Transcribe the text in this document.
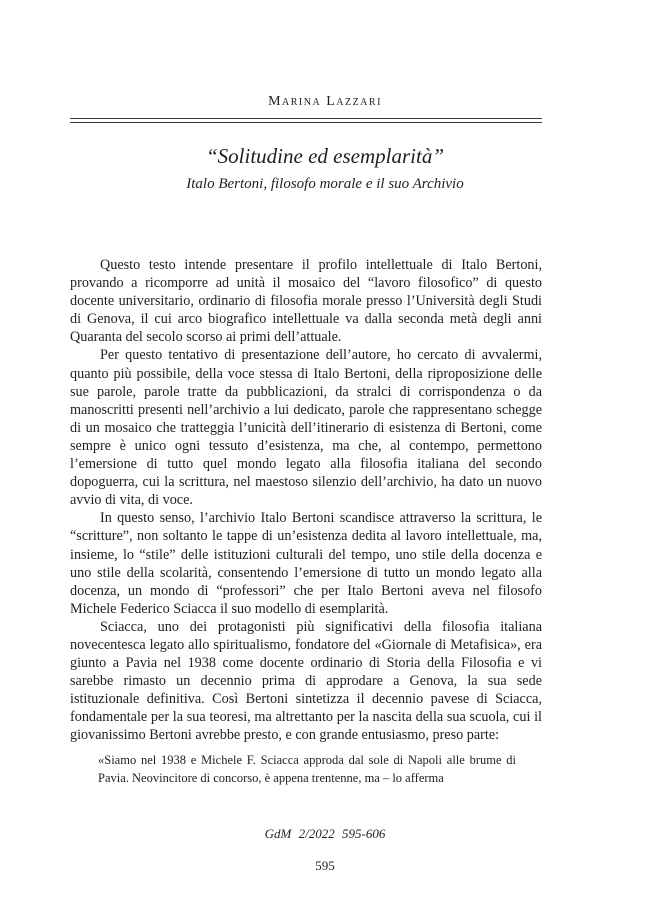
Marina Lazzari
“Solitudine ed esemplarità”
Italo Bertoni, filosofo morale e il suo Archivio

Questo testo intende presentare il profilo intellettuale di Italo Bertoni, provando a ricomporre ad unità il mosaico del “lavoro filosofico” di questo docente universitario, ordinario di filosofia morale presso l’Università degli Studi di Genova, il cui arco biografico intellettuale va dalla seconda metà degli anni Quaranta del secolo scorso ai primi dell’attuale.

Per questo tentativo di presentazione dell’autore, ho cercato di avvalermi, quanto più possibile, della voce stessa di Italo Bertoni, della riproposizione delle sue parole, parole tratte da pubblicazioni, da stralci di corrispondenza o da manoscritti presenti nell’archivio a lui dedicato, parole che rappresentano schegge di un mosaico che tratteggia l’unicità dell’itinerario di esistenza di Bertoni, come sempre è unico ogni tessuto d’esistenza, ma che, al contempo, permettono l’emersione di tutto quel mondo legato alla filosofia italiana del secondo dopoguerra, cui la scrittura, nel maestoso silenzio dell’archivio, ha dato un nuovo avvio di vita, di voce.

In questo senso, l’archivio Italo Bertoni scandisce attraverso la scrittura, le “scritture”, non soltanto le tappe di un’esistenza dedita al lavoro intellettuale, ma, insieme, lo “stile” delle istituzioni culturali del tempo, uno stile della docenza e uno stile della scolarità, consentendo l’emersione di tutto un mondo legato alla docenza, un mondo di “professori” che per Italo Bertoni aveva nel filosofo Michele Federico Sciacca il suo modello di esemplarità.

Sciacca, uno dei protagonisti più significativi della filosofia italiana novecentesca legato allo spiritualismo, fondatore del «Giornale di Metafisica», era giunto a Pavia nel 1938 come docente ordinario di Storia della Filosofia e vi sarebbe rimasto un decennio prima di approdare a Genova, la sua sede istituzionale definitiva. Così Bertoni sintetizza il decennio pavese di Sciacca, fondamentale per la sua teoresi, ma altrettanto per la nascita della sua scuola, cui il giovanissimo Bertoni avrebbe presto, e con grande entusiasmo, preso parte:

«Siamo nel 1938 e Michele F. Sciacca approda dal sole di Napoli alle brume di Pavia. Neovincitore di concorso, è appena trentenne, ma – lo afferma
GdM 2/2022 595-606
595
